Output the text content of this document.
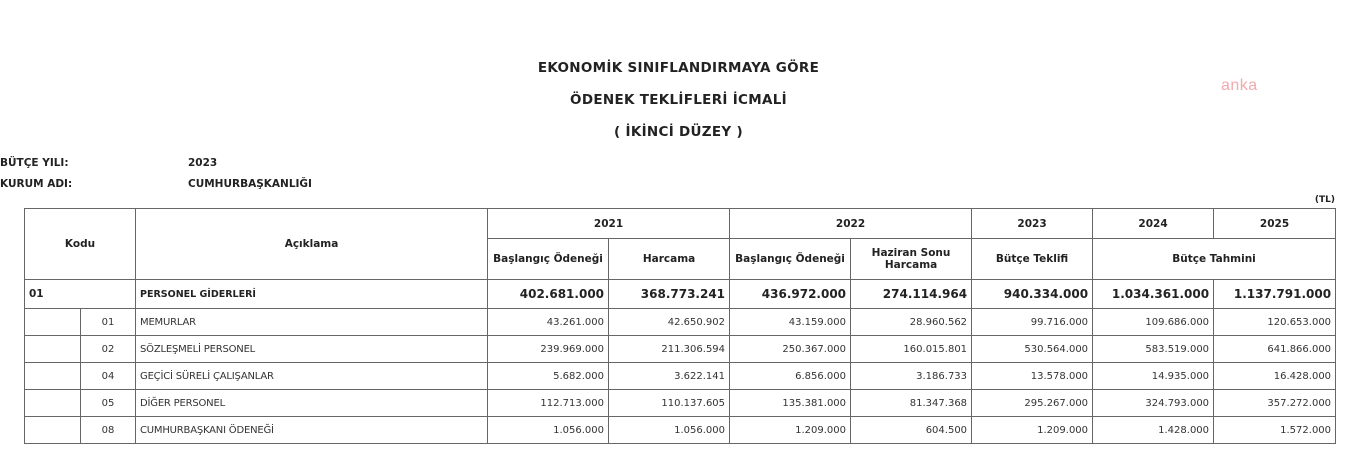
EKONOMİK SINIFLANDIRMAYA GÖRE
ÖDENEK TEKLİFLERİ İCMALİ
( İKİNCİ DÜZEY )
anka
BÜTÇE YILI:	2023
KURUM ADI:	CUMHURBAŞKANLIĞI
(TL)
Kodu		Açıklama	2021		2022		2023	2024	2025
			Başlangıç Ödeneği	Harcama	Başlangıç Ödeneği	Haziran Sonu Harcama	Bütçe Teklifi	Bütçe Tahmini	
01		PERSONEL GİDERLERİ	402.681.000	368.773.241	436.972.000	274.114.964	940.334.000	1.034.361.000	1.137.791.000
	01	MEMURLAR	43.261.000	42.650.902	43.159.000	28.960.562	99.716.000	109.686.000	120.653.000
	02	SÖZLEŞMELİ PERSONEL	239.969.000	211.306.594	250.367.000	160.015.801	530.564.000	583.519.000	641.866.000
	04	GEÇİCİ SÜRELİ ÇALIŞANLAR	5.682.000	3.622.141	6.856.000	3.186.733	13.578.000	14.935.000	16.428.000
	05	DİĞER PERSONEL	112.713.000	110.137.605	135.381.000	81.347.368	295.267.000	324.793.000	357.272.000
	08	CUMHURBAŞKANI ÖDENEĞİ	1.056.000	1.056.000	1.209.000	604.500	1.209.000	1.428.000	1.572.000
